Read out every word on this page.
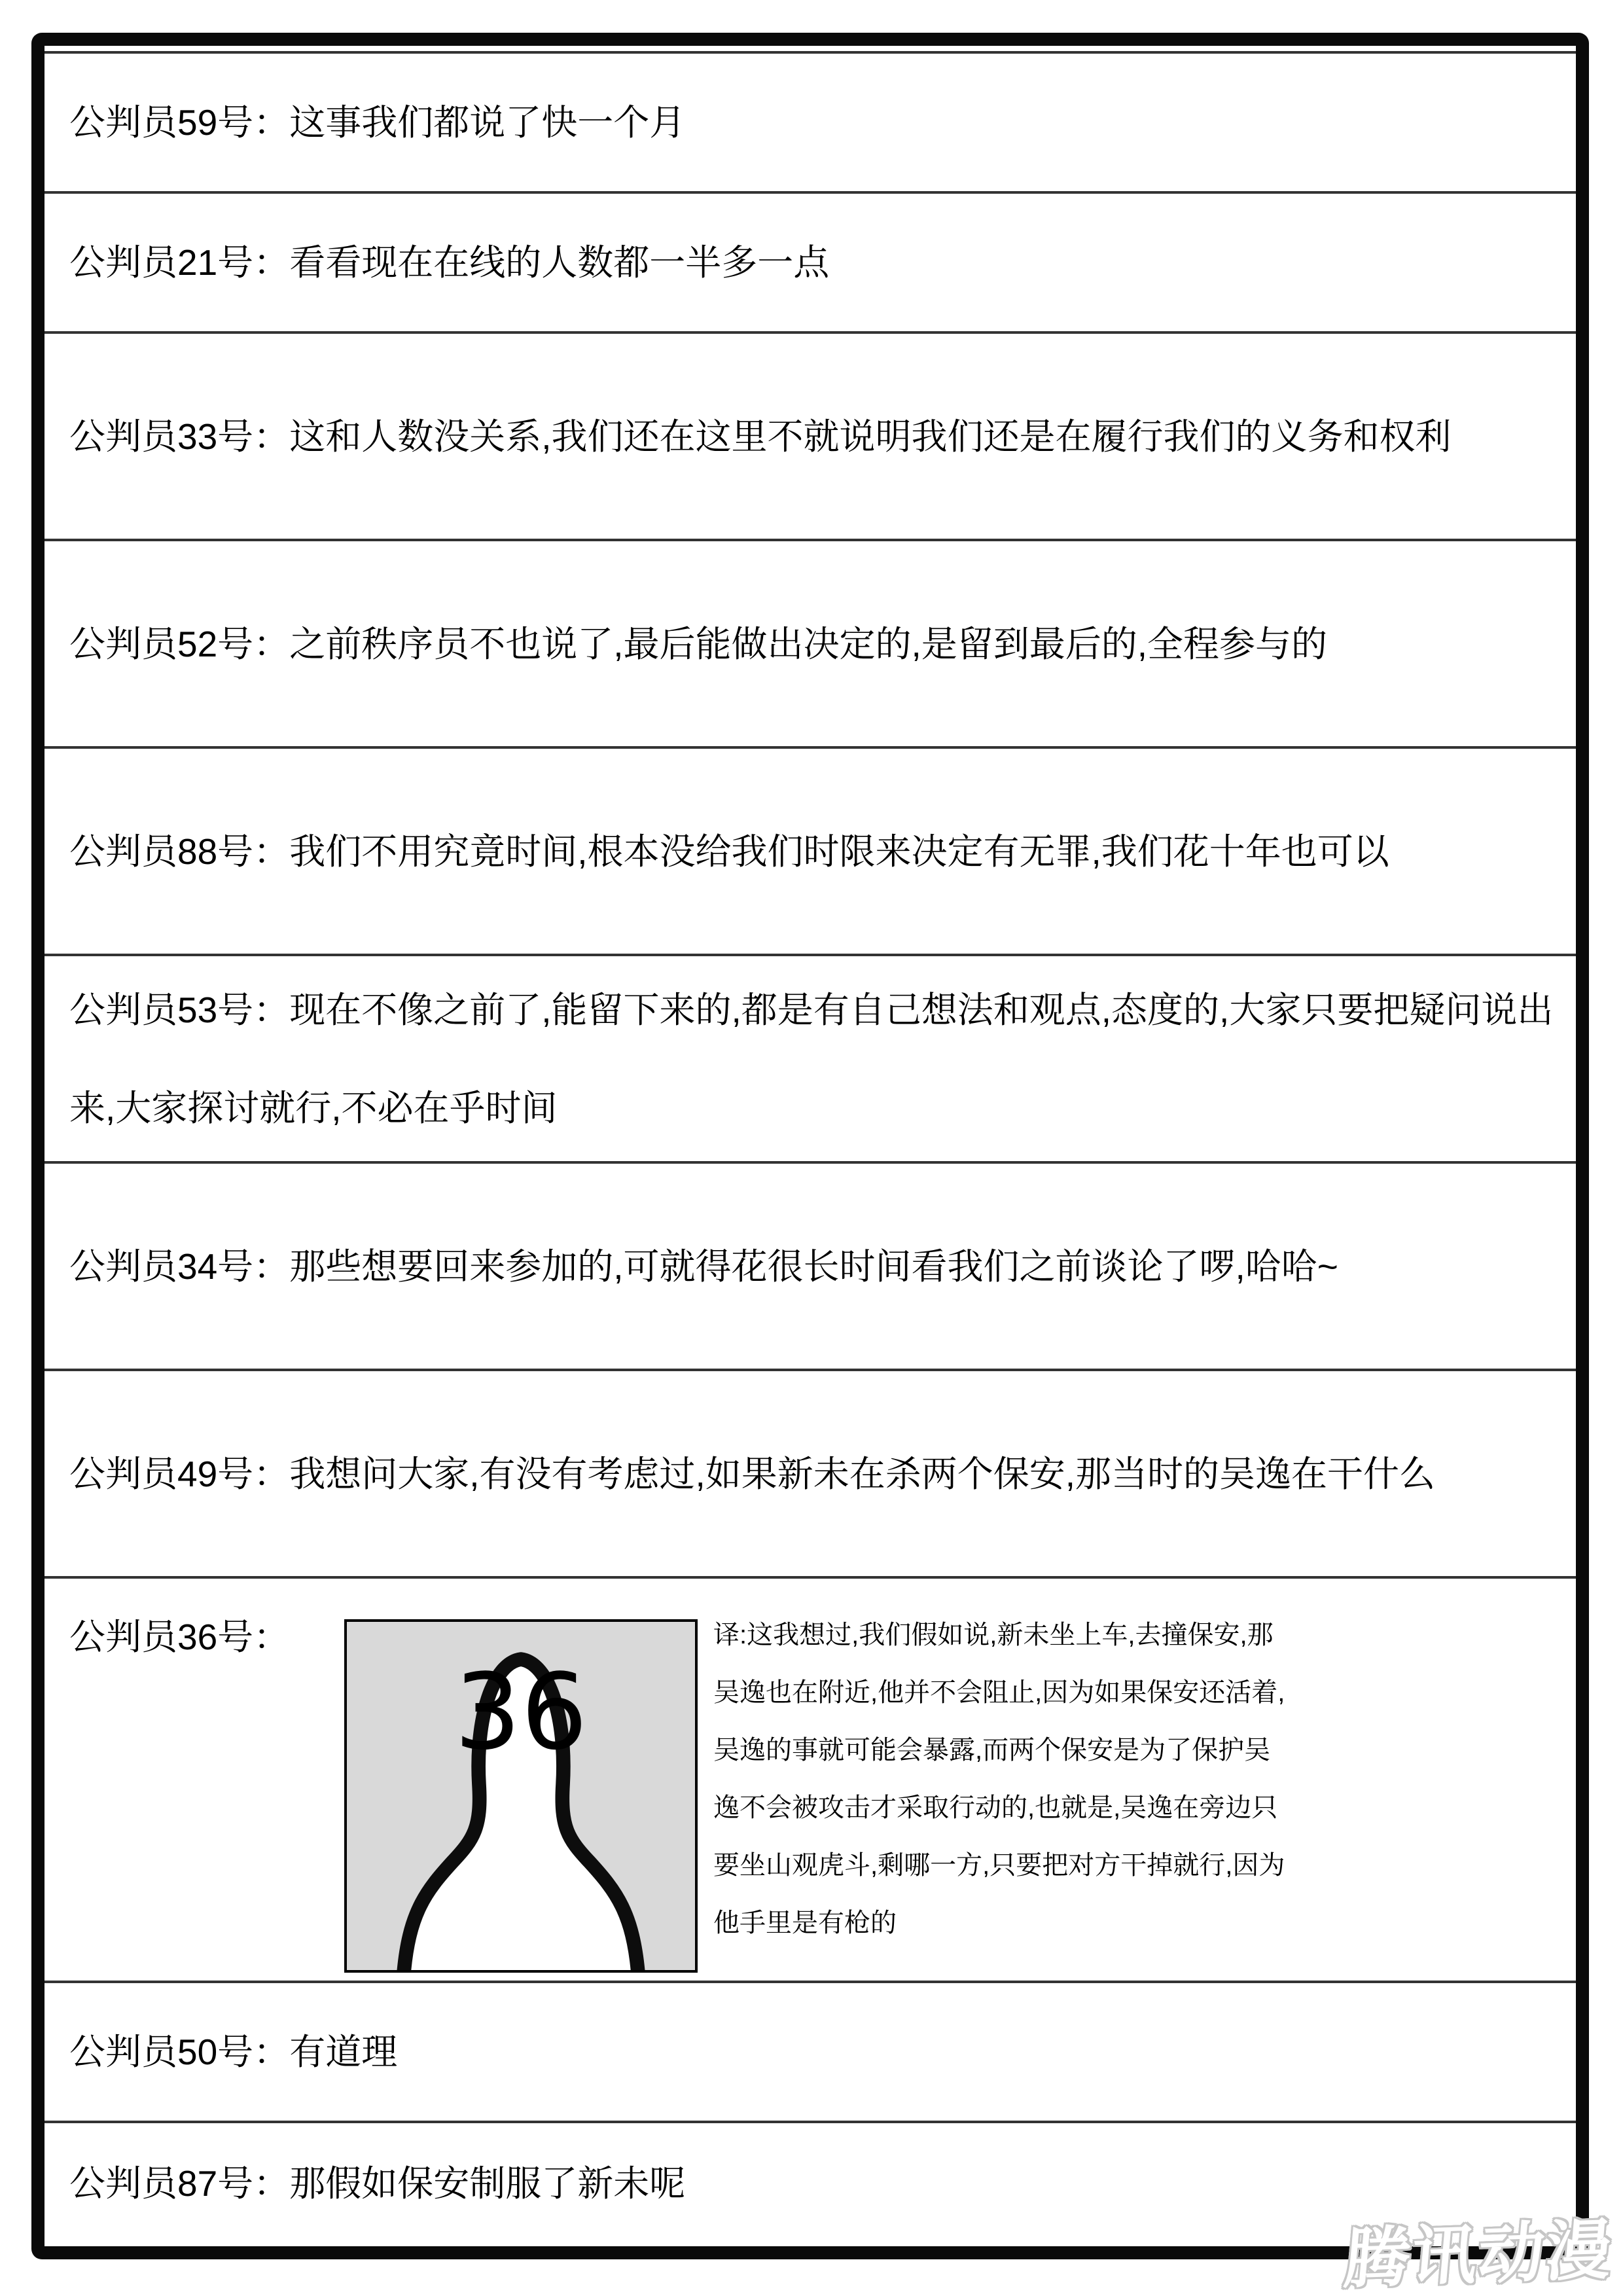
公判员59号：这事我们都说了快一个月

公判员21号：看看现在在线的人数都一半多一点

公判员33号：这和人数没关系,我们还在这里不就说明我们还是在履行我们的义务和权利

公判员52号：之前秩序员不也说了,最后能做出决定的,是留到最后的,全程参与的

公判员88号：我们不用究竟时间,根本没给我们时限来决定有无罪,我们花十年也可以

公判员53号：现在不像之前了,能留下来的,都是有自己想法和观点,态度的,大家只要把疑问说出来,大家探讨就行,不必在乎时间

公判员34号：那些想要回来参加的,可就得花很长时间看我们之前谈论了啰,哈哈~

公判员49号：我想问大家,有没有考虑过,如果新未在杀两个保安,那当时的吴逸在干什么

公判员36号：

36
译:这我想过,我们假如说,新未坐上车,去撞保安,那
吴逸也在附近,他并不会阻止,因为如果保安还活着,
吴逸的事就可能会暴露,而两个保安是为了保护吴
逸不会被攻击才采取行动的,也就是,吴逸在旁边只
要坐山观虎斗,剩哪一方,只要把对方干掉就行,因为
他手里是有枪的

公判员50号：有道理

公判员87号：那假如保安制服了新未呢

腾讯动漫
